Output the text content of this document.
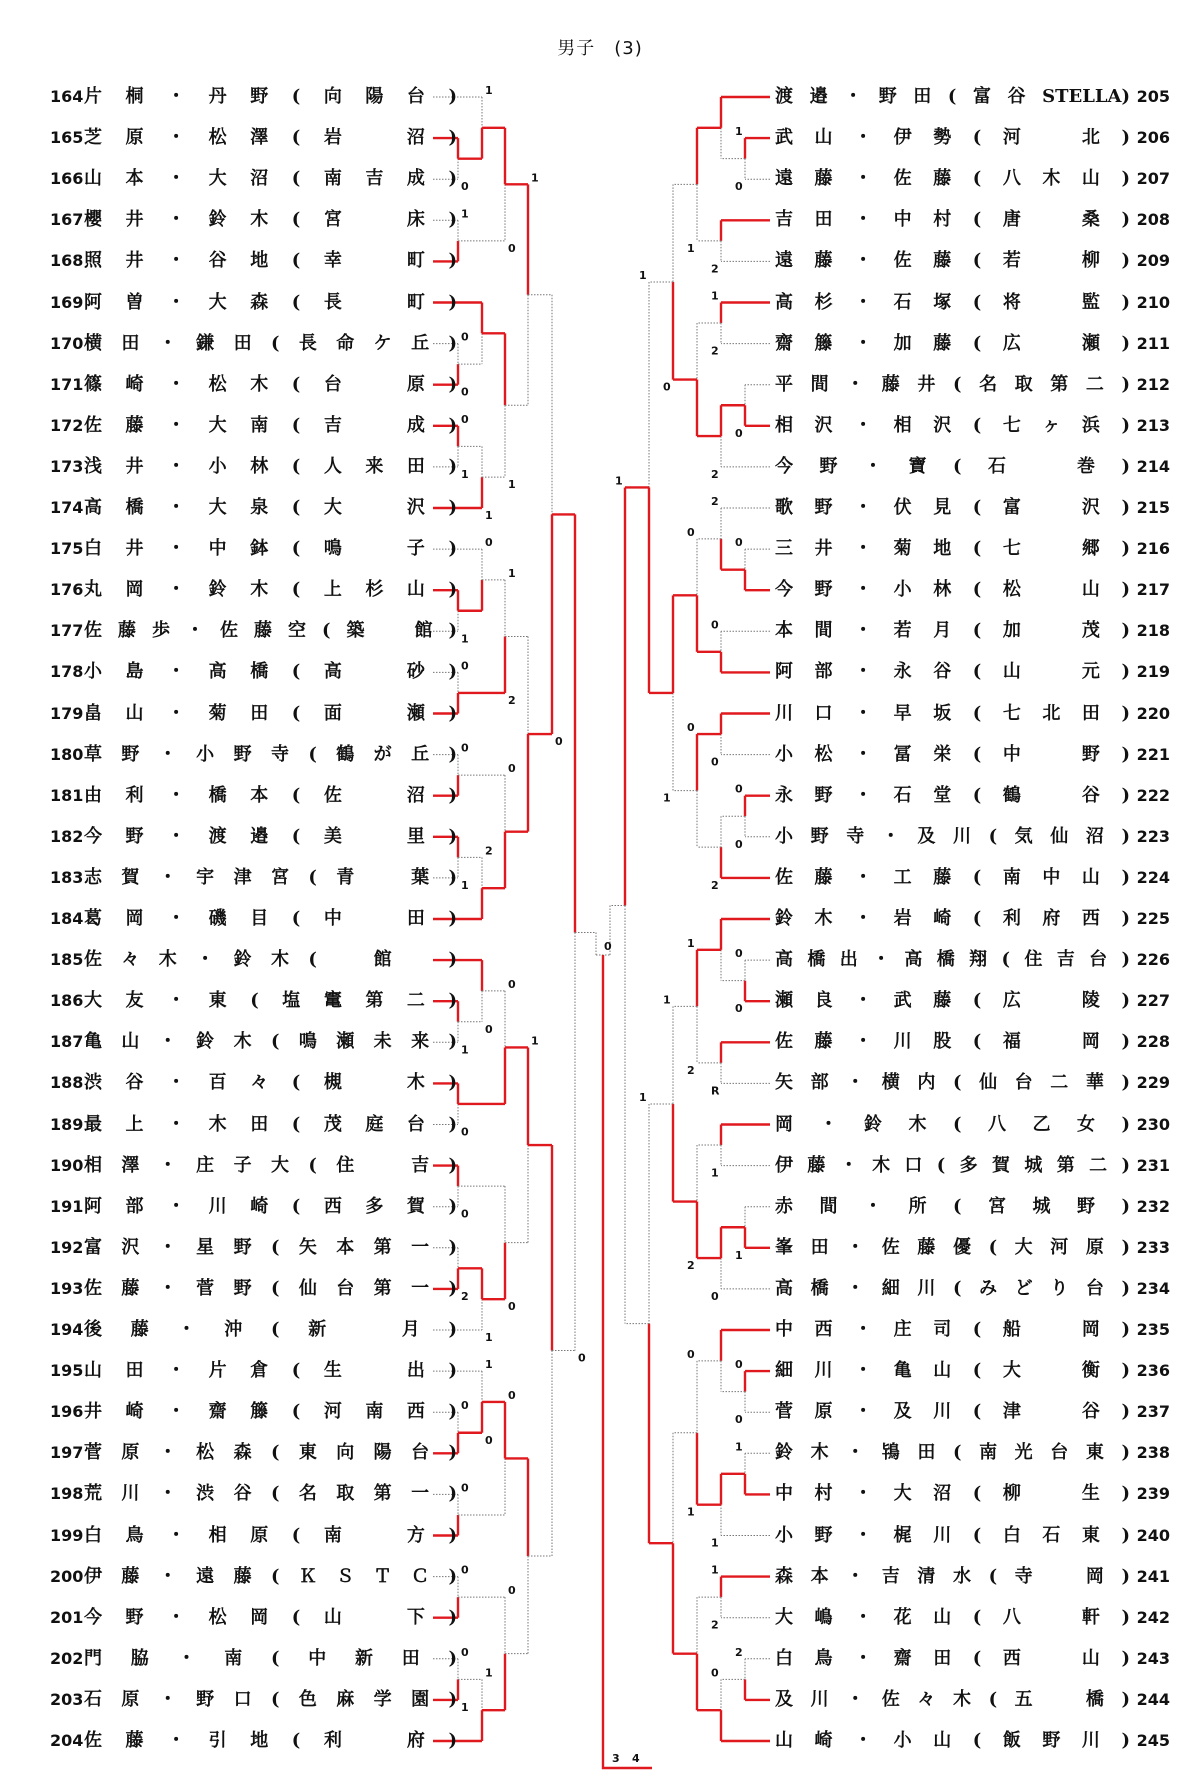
男子　(3)
0
1
1
0
0
0
0
1
1
1
1
1
0
0
1
2
0
1
2
0
0
1
0
0
0
0
2
1
0
1
0
1
0
0
0
0
0
1
1
0
0
1
0
2
1
1
2
0
2
0
0
2
0
0
0
0
0
2
0
1
1
0
0
R
1
2
1
1
0
2
1
0
0
1
1
0
1
1
2
2
0
1
1
0
3 4
164片桐・丹野(向陽台)
165芝原・松澤(岩　沼)
166山本・大沼(南吉成)
167櫻井・鈴木(宮　床)
168照井・谷地(幸　町)
169阿曽・大森(長　町)
170横田・鎌田(長命ケ丘)
171篠崎・松木(台　原)
172佐藤・大南(吉　成)
173浅井・小林(人来田)
174高橋・大泉(大　沢)
175白井・中鉢(鳴　子)
176丸岡・鈴木(上杉山)
177佐藤歩・佐藤空(築　館)
178小島・高橋(高　砂)
179畠山・菊田(面　瀬)
180草野・小野寺(鶴が丘)
181由利・橋本(佐　沼)
182今野・渡邉(美　里)
183志賀・宇津宮(青　葉)
184葛岡・磯目(中　田)
185佐々木・鈴木(　館　)
186大友・東(塩竃第二)
187亀山・鈴木(鳴瀬未来)
188渋谷・百々(槻　木)
189最上・木田(茂庭台)
190相澤・庄子大(住　吉)
191阿部・川崎(西多賀)
192富沢・星野(矢本第一)
193佐藤・菅野(仙台第一)
194後藤・沖(新　月)
195山田・片倉(生　出)
196井崎・齋籐(河南西)
197菅原・松森(東向陽台)
198荒川・渋谷(名取第一)
199白鳥・相原(南　方)
200伊藤・遠藤(ＫＳＴＣ)
201今野・松岡(山　下)
202門脇・南(中新田)
203石原・野口(色麻学園)
204佐藤・引地(利　府)
渡邉・野田(富谷STELLA) 205
武山・伊勢(河　北) 206
遠藤・佐藤(八木山) 207
吉田・中村(唐　桑) 208
遠藤・佐藤(若　柳) 209
高杉・石塚(将　監) 210
齋籐・加藤(広　瀬) 211
平間・藤井(名取第二) 212
相沢・相沢(七ヶ浜) 213
今野・寶(石　巻) 214
歌野・伏見(富　沢) 215
三井・菊地(七　郷) 216
今野・小林(松　山) 217
本間・若月(加　茂) 218
阿部・永谷(山　元) 219
川口・早坂(七北田) 220
小松・冨栄(中　野) 221
永野・石堂(鶴　谷) 222
小野寺・及川(気仙沼) 223
佐藤・工藤(南中山) 224
鈴木・岩崎(利府西) 225
高橋出・高橋翔(住吉台) 226
瀬良・武藤(広　陵) 227
佐藤・川股(福　岡) 228
矢部・横内(仙台二華) 229
岡・鈴木(八乙女) 230
伊藤・木口(多賀城第二) 231
赤間・所(宮城野) 232
峯田・佐藤優(大河原) 233
高橋・細川(みどり台) 234
中西・庄司(船　岡) 235
細川・亀山(大　衡) 236
菅原・及川(津　谷) 237
鈴木・鴇田(南光台東) 238
中村・大沼(柳　生) 239
小野・梶川(白石東) 240
森本・吉清水(寺　岡) 241
大嶋・花山(八　軒) 242
白鳥・齋田(西　山) 243
及川・佐々木(五　橋) 244
山崎・小山(飯野川) 245
